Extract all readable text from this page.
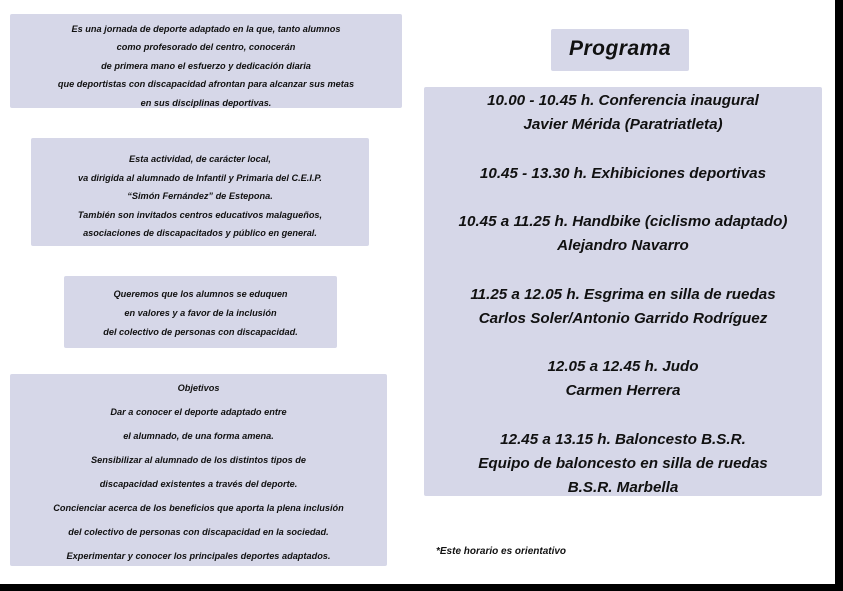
Es una jornada de deporte adaptado en la que, tanto alumnos
como profesorado del centro, conocerán
de primera mano el esfuerzo y dedicación diaria
que deportistas con discapacidad afrontan para alcanzar sus metas
en sus disciplinas deportivas.
Esta actividad, de carácter local,
va dirigida al alumnado de Infantil y Primaria del C.E.I.P.
“Simón Fernández” de Estepona.
También son invitados centros educativos malagueños,
asociaciones de discapacitados y público en general.
Queremos que los alumnos se eduquen
en valores y a favor de la inclusión
del colectivo de personas con discapacidad.
Objetivos
Dar a conocer el deporte adaptado entre
el alumnado, de una forma amena.
Sensibilizar al alumnado de los distintos tipos de
discapacidad existentes a través del deporte.
Concienciar acerca de los beneficios que aporta la plena inclusión
del colectivo de personas con discapacidad en la sociedad.
Experimentar y conocer los principales deportes adaptados.
Programa
10.00 - 10.45 h. Conferencia inaugural
Javier Mérida (Paratriatleta)
10.45 - 13.30 h. Exhibiciones deportivas
10.45 a 11.25 h. Handbike (ciclismo adaptado)
Alejandro Navarro
11.25 a 12.05 h. Esgrima en silla de ruedas
Carlos Soler/Antonio Garrido Rodríguez
12.05 a 12.45 h. Judo
Carmen Herrera
12.45 a 13.15 h. Baloncesto B.S.R.
Equipo de baloncesto en silla de ruedas
B.S.R. Marbella
*Este horario es orientativo
